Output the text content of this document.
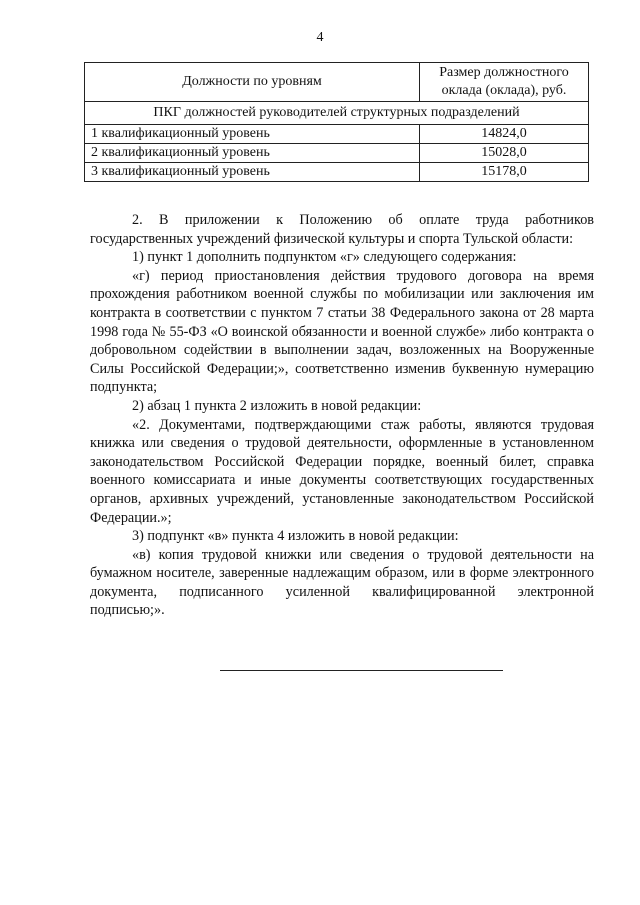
4
Должности по уровням	Размер должностного оклада (оклада), руб.
ПКГ должностей руководителей структурных подразделений	
1 квалификационный уровень	14824,0
2 квалификационный уровень	15028,0
3 квалификационный уровень	15178,0

2. В приложении к Положению об оплате труда работников государственных учреждений физической культуры и спорта Тульской области:

1) пункт 1 дополнить подпунктом «г» следующего содержания:

«г) период приостановления действия трудового договора на время прохождения работником военной службы по мобилизации или заключения им контракта в соответствии с пунктом 7 статьи 38 Федерального закона от 28 марта 1998 года № 55-ФЗ «О воинской обязанности и военной службе» либо контракта о добровольном содействии в выполнении задач, возложенных на Вооруженные Силы Российской Федерации;», соответственно изменив буквенную нумерацию подпункта;

2) абзац 1 пункта 2 изложить в новой редакции:

«2. Документами, подтверждающими стаж работы, являются трудовая книжка или сведения о трудовой деятельности, оформленные в установленном законодательством Российской Федерации порядке, военный билет, справка военного комиссариата и иные документы соответствующих государственных органов, архивных учреждений, установленные законодательством Российской Федерации.»;

3) подпункт «в» пункта 4 изложить в новой редакции:

«в) копия трудовой книжки или сведения о трудовой деятельности на бумажном носителе, заверенные надлежащим образом, или в форме электронного документа, подписанного усиленной квалифицированной электронной подписью;».
